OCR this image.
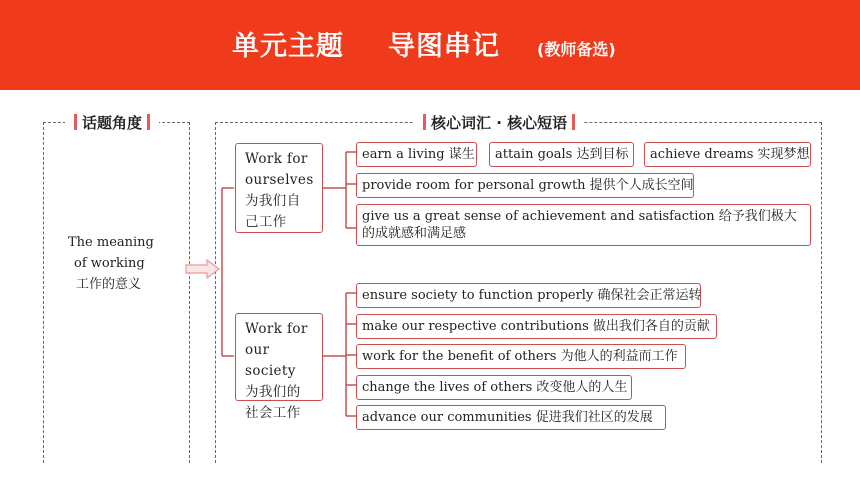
单元主题 导图串记 (教师备选)
话题角度	核心词汇 · 核心短语
The meaning
of working
工作的意义
Work for
ourselves
为我们自
己工作
Work for
our society
为我们的
社会工作
earn a living 谋生	attain goals 达到目标	achieve dreams 实现梦想
provide room for personal growth 提供个人成长空间
give us a great sense of achievement and satisfaction 给予我们极大的成就感和满足感
ensure society to function properly 确保社会正常运转
make our respective contributions 做出我们各自的贡献
work for the benefit of others 为他人的利益而工作
change the lives of others 改变他人的人生
advance our communities 促进我们社区的发展
